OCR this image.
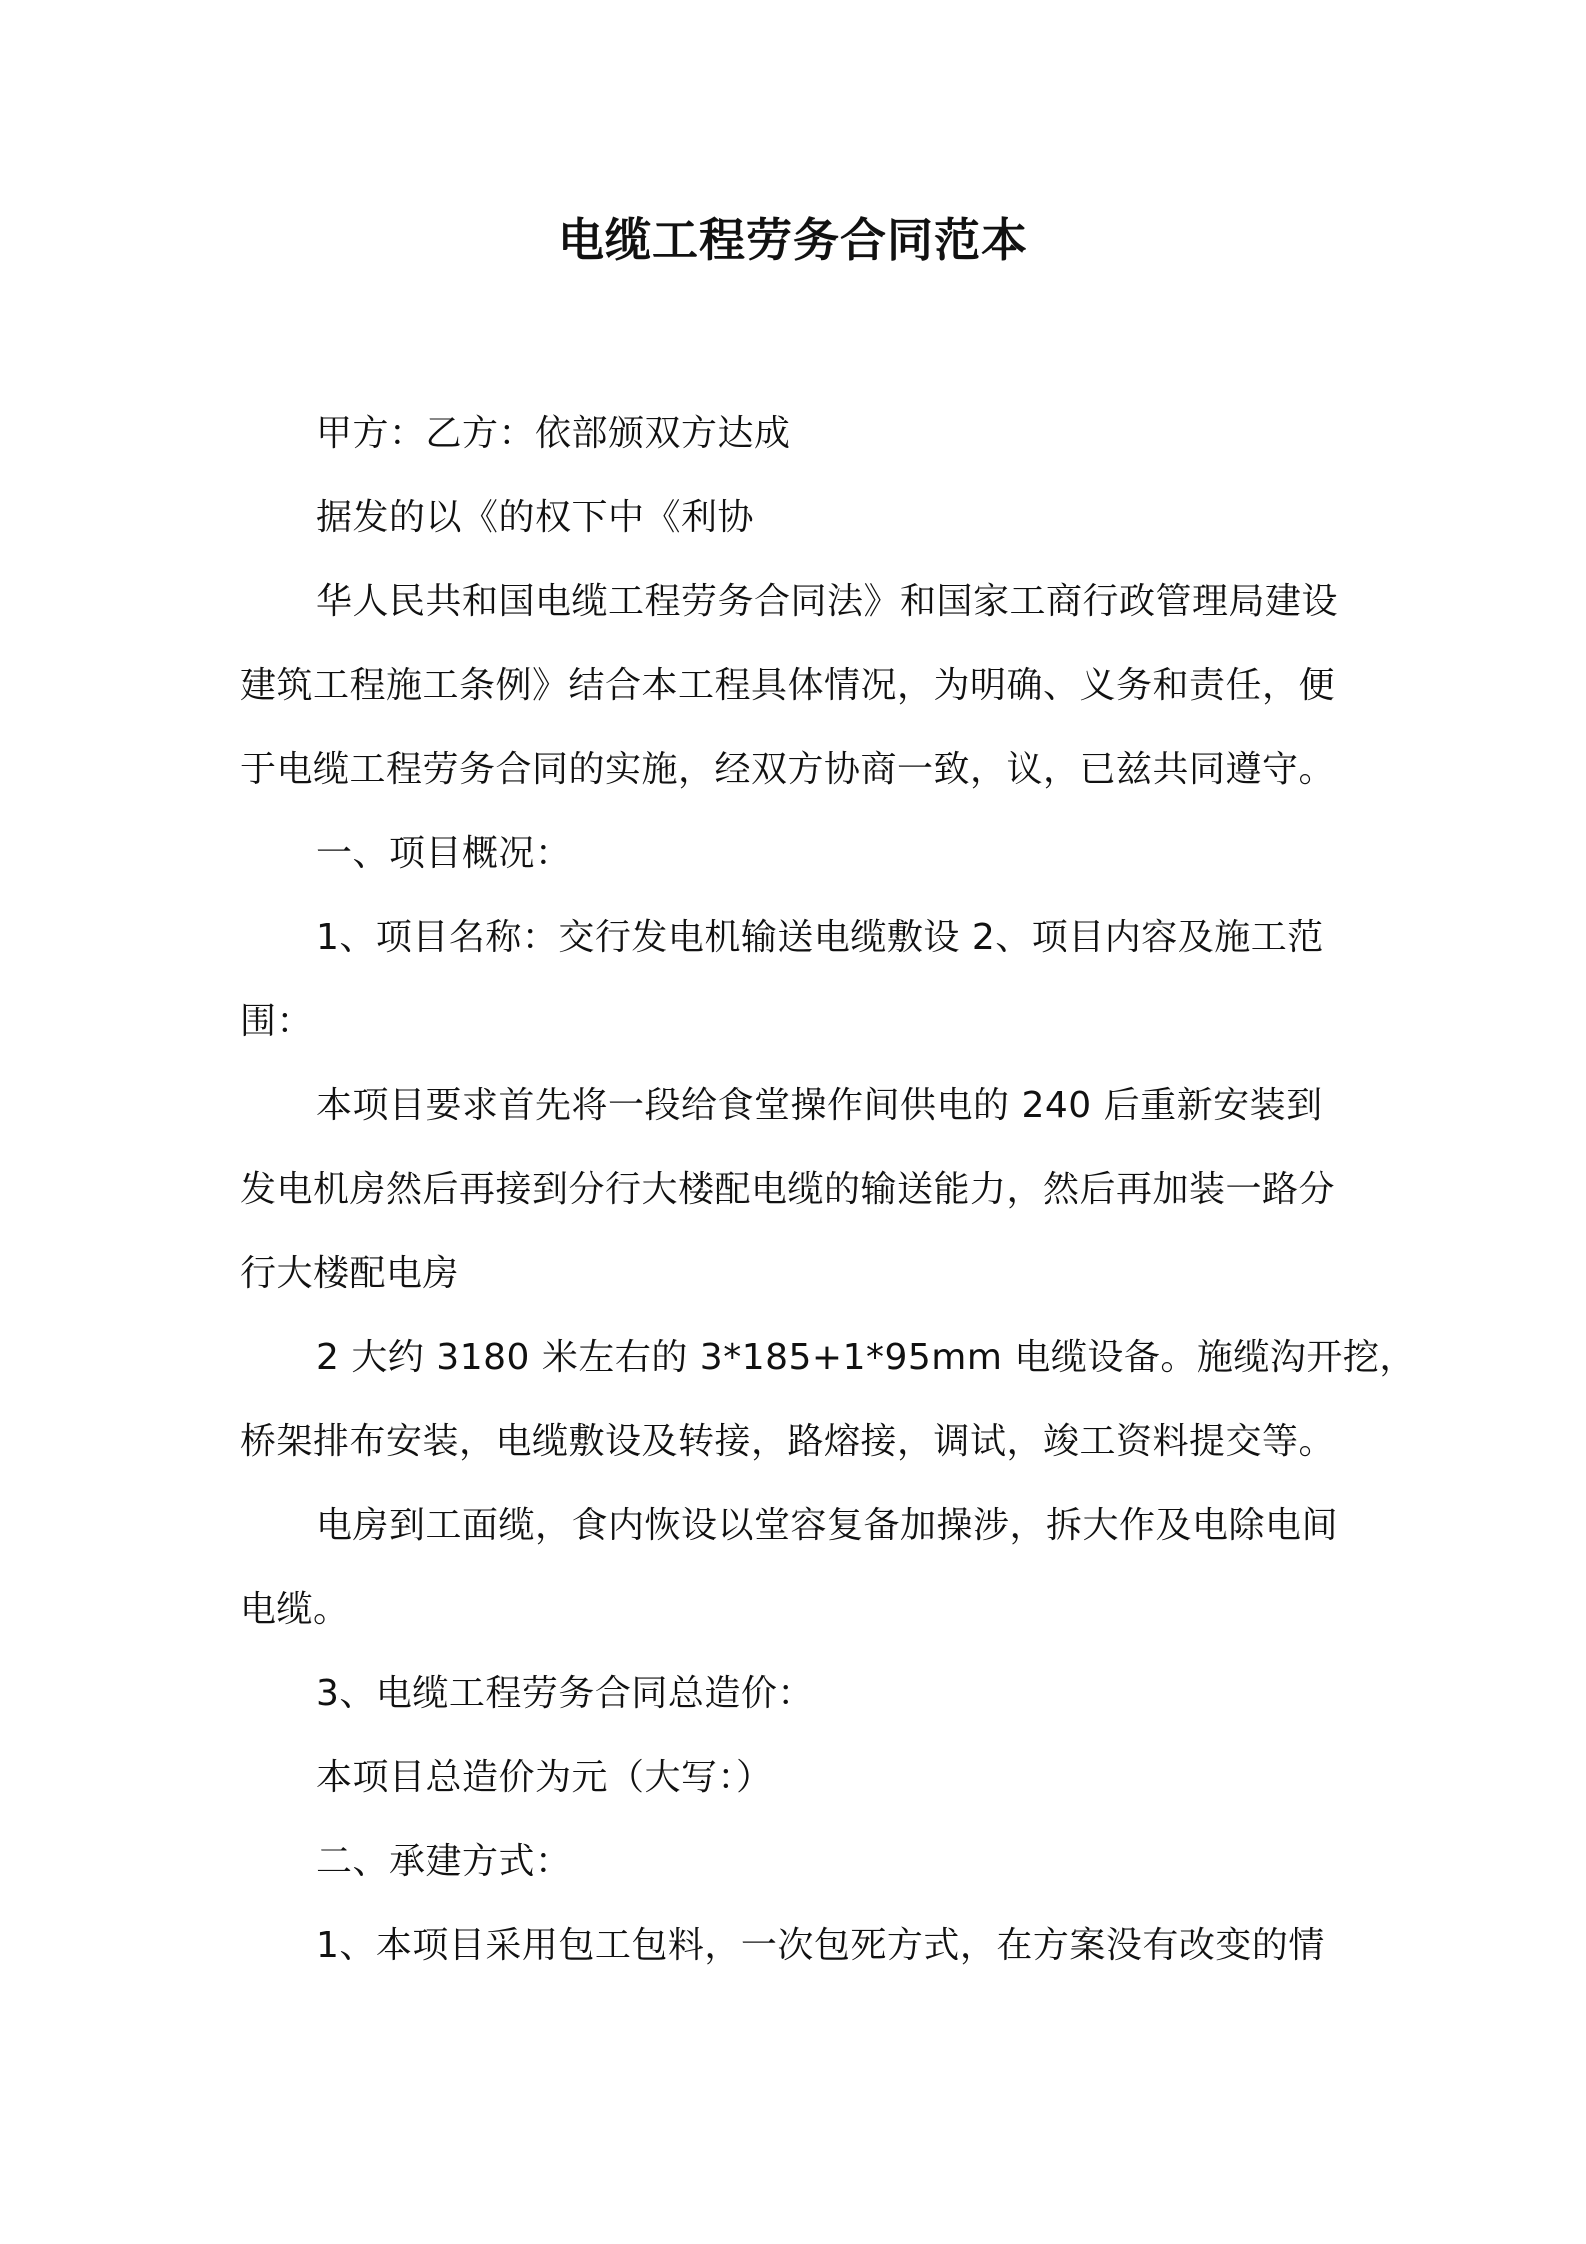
电缆工程劳务合同范本
甲方：乙方：依部颁双方达成
据发的以《的权下中《利协
华人民共和国电缆工程劳务合同法》和国家工商行政管理局建设
建筑工程施工条例》结合本工程具体情况，为明确、义务和责任，便
于电缆工程劳务合同的实施，经双方协商一致，议，已兹共同遵守。
一、项目概况：
1、项目名称：交行发电机输送电缆敷设 2、项目内容及施工范
围：
本项目要求首先将一段给食堂操作间供电的 240 后重新安装到
发电机房然后再接到分行大楼配电缆的输送能力，然后再加装一路分
行大楼配电房
2 大约 3180 米左右的 3*185+1*95mm 电缆设备。施缆沟开挖，
桥架排布安装，电缆敷设及转接，路熔接，调试，竣工资料提交等。
电房到工面缆，食内恢设以堂容复备加操涉，拆大作及电除电间
电缆。
3、电缆工程劳务合同总造价：
本项目总造价为元（大写：）
二、承建方式：
1、本项目采用包工包料，一次包死方式，在方案没有改变的情
